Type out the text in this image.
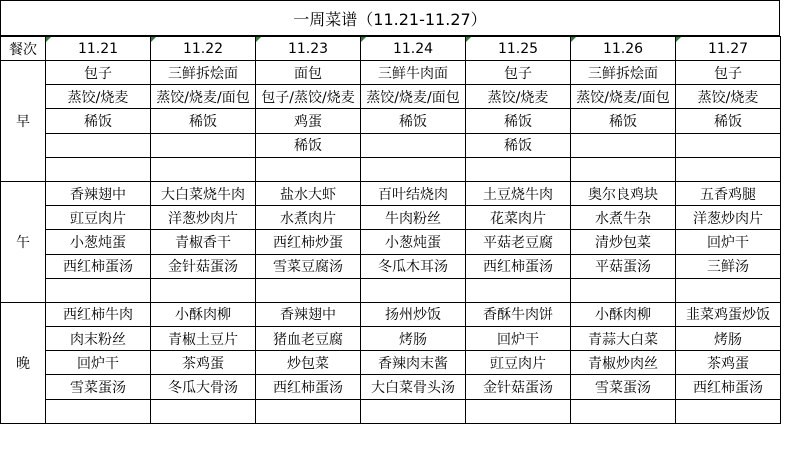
一周菜谱（11.21-11.27）
餐次	11.21	11.22	11.23	11.24	11.25	11.26	11.27
早	包子	三鲜拆烩面	面包	三鲜牛肉面	包子	三鲜拆烩面	包子
	蒸饺/烧麦	蒸饺/烧麦/面包	包子/蒸饺/烧麦	蒸饺/烧麦/面包	蒸饺/烧麦	蒸饺/烧麦/面包	蒸饺/烧麦
	稀饭	稀饭	鸡蛋	稀饭	稀饭	稀饭	稀饭
			稀饭		稀饭		

午	香辣翅中	大白菜烧牛肉	盐水大虾	百叶结烧肉	土豆烧牛肉	奥尔良鸡块	五香鸡腿
	豇豆肉片	洋葱炒肉片	水煮肉片	牛肉粉丝	花菜肉片	水煮牛杂	洋葱炒肉片
	小葱炖蛋	青椒香干	西红柿炒蛋	小葱炖蛋	平菇老豆腐	清炒包菜	回炉干
	西红柿蛋汤	金针菇蛋汤	雪菜豆腐汤	冬瓜木耳汤	西红柿蛋汤	平菇蛋汤	三鲜汤

晚	西红柿牛肉	小酥肉柳	香辣翅中	扬州炒饭	香酥牛肉饼	小酥肉柳	韭菜鸡蛋炒饭
	肉末粉丝	青椒土豆片	猪血老豆腐	烤肠	回炉干	青蒜大白菜	烤肠
	回炉干	茶鸡蛋	炒包菜	香辣肉末酱	豇豆肉片	青椒炒肉丝	茶鸡蛋
	雪菜蛋汤	冬瓜大骨汤	西红柿蛋汤	大白菜骨头汤	金针菇蛋汤	雪菜蛋汤	西红柿蛋汤
